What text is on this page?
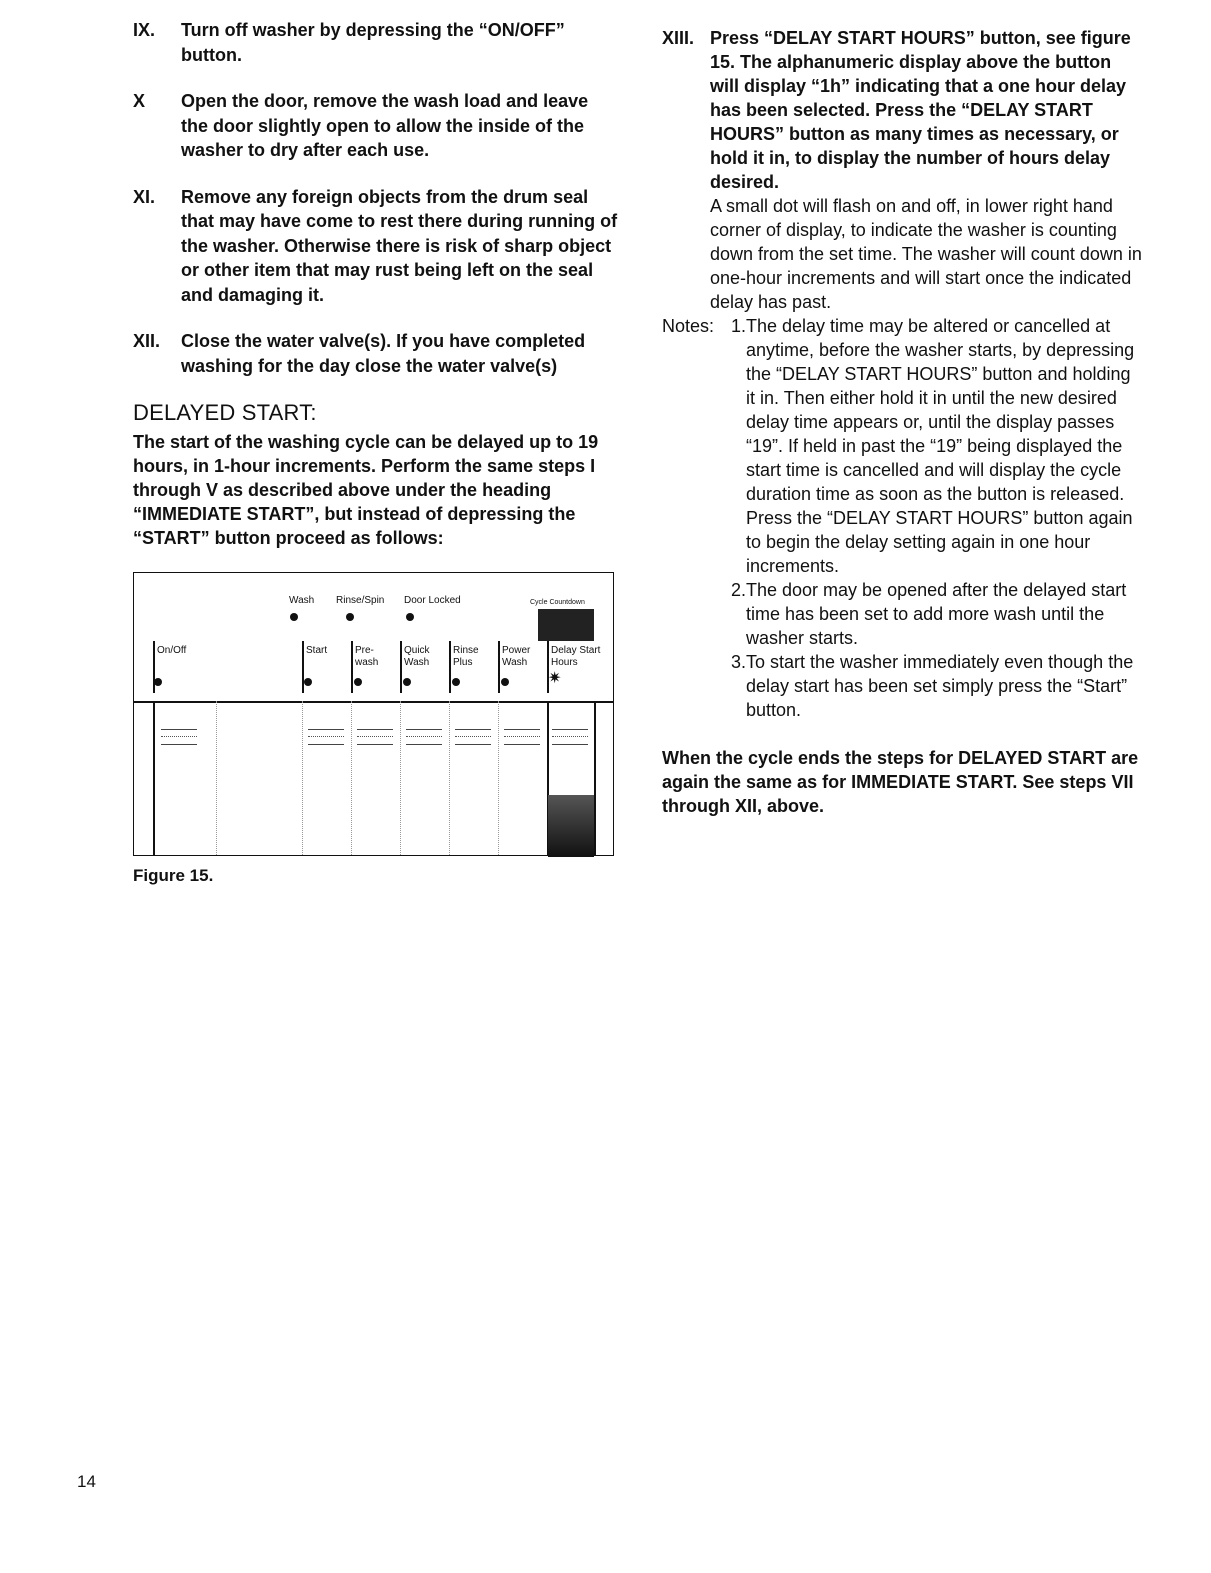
IX.	Turn off washer by depressing the “ON/OFF” button.
X	Open the door, remove the wash load and leave the door slightly open to allow the inside of the washer to dry after each use.
XI.	Remove any foreign objects from the drum seal that may have come to rest there during running of the washer. Otherwise there is risk of sharp object or other item that may rust being left on the seal and damaging it.
XII.	Close the water valve(s). If you have completed washing for the day close the water valve(s)
DELAYED START:
The start of the washing cycle can be delayed up to 19 hours, in 1-hour increments. Perform the same steps I through V as described above under the heading “IMMEDIATE START”, but instead of depressing the “START” button proceed as follows:
Wash Rinse/Spin Door Locked	Cycle Countdown
On/Off	Start	Pre-
wash
Quick
Wash
Rinse
Plus
Power
Wash
Delay Start
Hours
✷
Figure 15.
XIII. Press “DELAY START HOURS” button, see figure 15. The alphanumeric display above the button will display “1h” indicating that a one hour delay has been selected. Press the “DELAY START HOURS” button as many times as necessary, or hold it in, to display the number of hours delay desired.
A small dot will flash on and off, in lower right hand corner of display, to indicate the washer is counting down from the set time. The washer will count down in one-hour increments and will start once the indicated delay has past.
Notes: 1. The delay time may be altered or cancelled at anytime, before the washer starts, by depressing the “DELAY START HOURS” button and holding it in. Then either hold it in until the new desired delay time appears or, until the display passes “19”. If held in past the “19” being displayed the start time is cancelled and will display the cycle duration time as soon as the button is released. Press the “DELAY START HOURS” button again to begin the delay setting again in one hour increments.
2. The door may be opened after the delayed start time has been set to add more wash until the washer starts.
3. To start the washer immediately even though the delay start has been set simply press the “Start” button.
When the cycle ends the steps for DELAYED START are again the same as for IMMEDIATE START. See steps VII through XII, above.
14
